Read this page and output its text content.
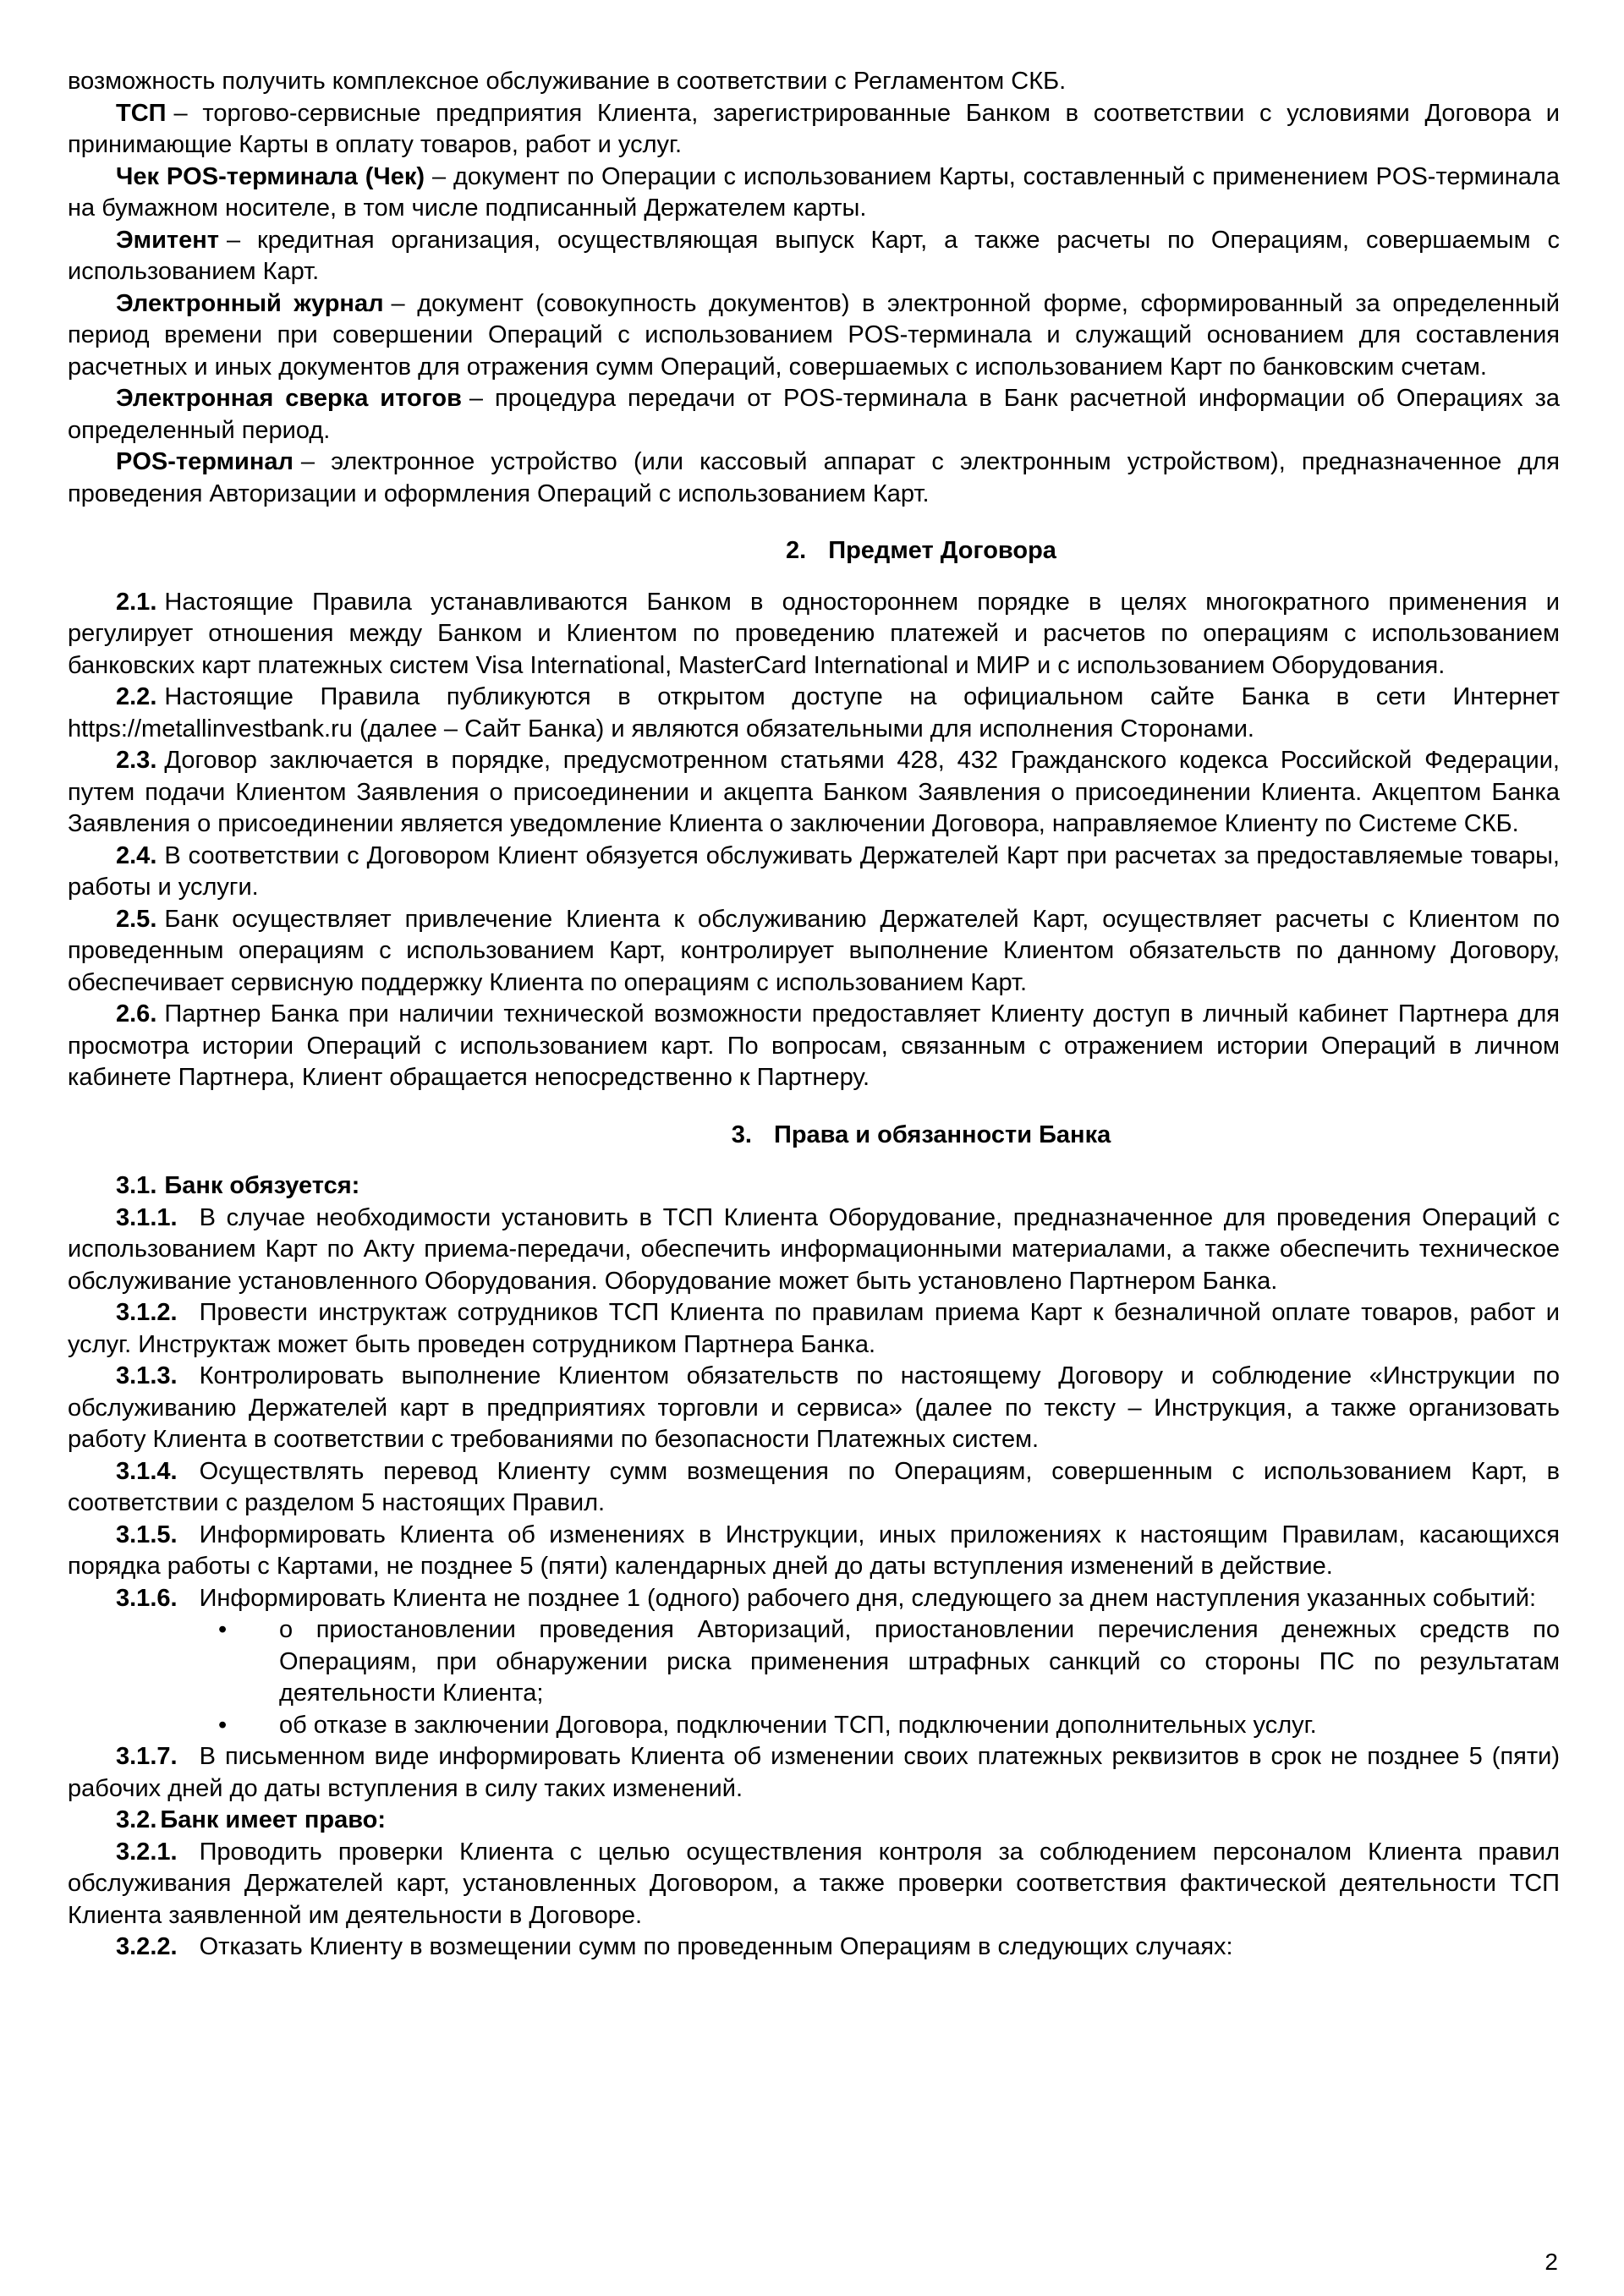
возможность получить комплексное обслуживание в соответствии с Регламентом СКБ.

ТСП – торгово-сервисные предприятия Клиента, зарегистрированные Банком в соответствии с условиями Договора и принимающие Карты в оплату товаров, работ и услуг.

Чек POS-терминала (Чек) – документ по Операции с использованием Карты, составленный с применением POS-терминала на бумажном носителе, в том числе подписанный Держателем карты.

Эмитент – кредитная организация, осуществляющая выпуск Карт, а также расчеты по Операциям, совершаемым с использованием Карт.

Электронный журнал – документ (совокупность документов) в электронной форме, сформированный за определенный период времени при совершении Операций с использованием POS-терминала и служащий основанием для составления расчетных и иных документов для отражения сумм Операций, совершаемых с использованием Карт по банковским счетам.

Электронная сверка итогов – процедура передачи от POS-терминала в Банк расчетной информации об Операциях за определенный период.

POS-терминал – электронное устройство (или кассовый аппарат с электронным устройством), предназначенное для проведения Авторизации и оформления Операций с использованием Карт.

2. Предмет Договора

2.1. Настоящие Правила устанавливаются Банком в одностороннем порядке в целях многократного применения и регулирует отношения между Банком и Клиентом по проведению платежей и расчетов по операциям с использованием банковских карт платежных систем Visa International, MasterCard International и МИР и с использованием Оборудования.

2.2. Настоящие Правила публикуются в открытом доступе на официальном сайте Банка в сети Интернет https://metallinvestbank.ru (далее – Сайт Банка) и являются обязательными для исполнения Сторонами.

2.3. Договор заключается в порядке, предусмотренном статьями 428, 432 Гражданского кодекса Российской Федерации, путем подачи Клиентом Заявления о присоединении и акцепта Банком Заявления о присоединении Клиента. Акцептом Банка Заявления о присоединении является уведомление Клиента о заключении Договора, направляемое Клиенту по Системе СКБ.

2.4. В соответствии с Договором Клиент обязуется обслуживать Держателей Карт при расчетах за предоставляемые товары, работы и услуги.

2.5. Банк осуществляет привлечение Клиента к обслуживанию Держателей Карт, осуществляет расчеты с Клиентом по проведенным операциям с использованием Карт, контролирует выполнение Клиентом обязательств по данному Договору, обеспечивает сервисную поддержку Клиента по операциям с использованием Карт.

2.6. Партнер Банка при наличии технической возможности предоставляет Клиенту доступ в личный кабинет Партнера для просмотра истории Операций с использованием карт. По вопросам, связанным с отражением истории Операций в личном кабинете Партнера, Клиент обращается непосредственно к Партнеру.

3. Права и обязанности Банка

3.1. Банк обязуется:

3.1.1. В случае необходимости установить в ТСП Клиента Оборудование, предназначенное для проведения Операций с использованием Карт по Акту приема-передачи, обеспечить информационными материалами, а также обеспечить техническое обслуживание установленного Оборудования. Оборудование может быть установлено Партнером Банка.

3.1.2. Провести инструктаж сотрудников ТСП Клиента по правилам приема Карт к безналичной оплате товаров, работ и услуг. Инструктаж может быть проведен сотрудником Партнера Банка.

3.1.3. Контролировать выполнение Клиентом обязательств по настоящему Договору и соблюдение «Инструкции по обслуживанию Держателей карт в предприятиях торговли и сервиса» (далее по тексту – Инструкция, а также организовать работу Клиента в соответствии с требованиями по безопасности Платежных систем.

3.1.4. Осуществлять перевод Клиенту сумм возмещения по Операциям, совершенным с использованием Карт, в соответствии с разделом 5 настоящих Правил.

3.1.5. Информировать Клиента об изменениях в Инструкции, иных приложениях к настоящим Правилам, касающихся порядка работы с Картами, не позднее 5 (пяти) календарных дней до даты вступления изменений в действие.

3.1.6. Информировать Клиента не позднее 1 (одного) рабочего дня, следующего за днем наступления указанных событий:

• о приостановлении проведения Авторизаций, приостановлении перечисления денежных средств по Операциям, при обнаружении риска применения штрафных санкций со стороны ПС по результатам деятельности Клиента;

• об отказе в заключении Договора, подключении ТСП, подключении дополнительных услуг.

3.1.7. В письменном виде информировать Клиента об изменении своих платежных реквизитов в срок не позднее 5 (пяти) рабочих дней до даты вступления в силу таких изменений.

3.2. Банк имеет право:

3.2.1. Проводить проверки Клиента с целью осуществления контроля за соблюдением персоналом Клиента правил обслуживания Держателей карт, установленных Договором, а также проверки соответствия фактической деятельности ТСП Клиента заявленной им деятельности в Договоре.

3.2.2. Отказать Клиенту в возмещении сумм по проведенным Операциям в следующих случаях:

2
